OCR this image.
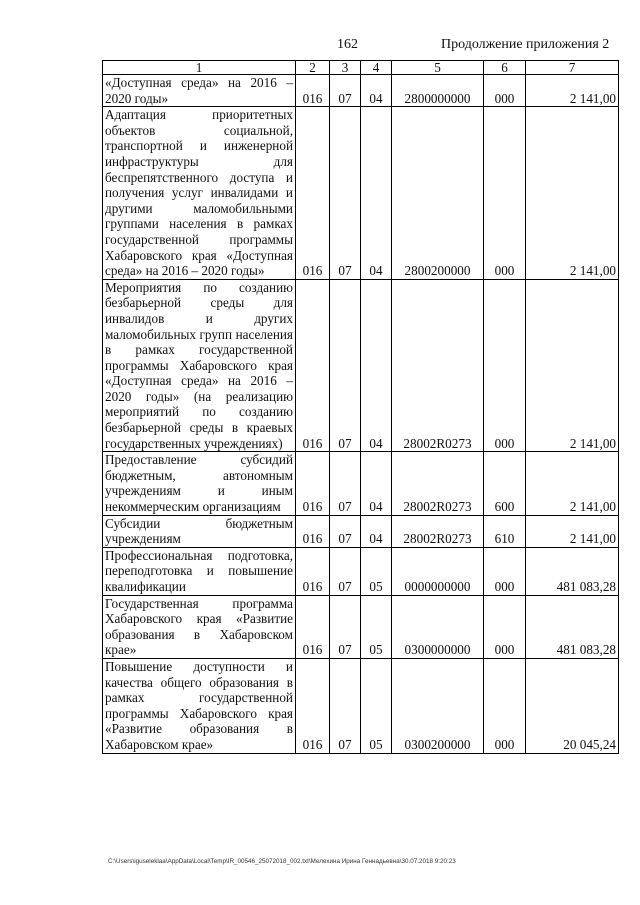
162	Продолжение приложения 2
1	2	3	4	5	6	7
«Доступная среда» на 2016 – 2020 годы»	016	07	04	2800000000	000	2 141,00
Адаптация приоритетных объектов социальной, транспортной и инженерной инфраструктуры для беспрепятственного доступа и получения услуг инвалидами и другими маломобильными группами населения в рамках государственной программы Хабаровского края «Доступная среда» на 2016 – 2020 годы»	016	07	04	2800200000	000	2 141,00
Мероприятия по созданию безбарьерной среды для инвалидов и других маломобильных групп населения в рамках государственной программы Хабаровского края «Доступная среда» на 2016 – 2020 годы» (на реализацию мероприятий по созданию безбарьерной среды в краевых государственных учреждениях)	016	07	04	28002R0273	000	2 141,00
Предоставление субсидий бюджетным, автономным учреждениям и иным некоммерческим организациям	016	07	04	28002R0273	600	2 141,00
Субсидии бюджетным учреждениям	016	07	04	28002R0273	610	2 141,00
Профессиональная подготовка, переподготовка и повышение квалификации	016	07	05	0000000000	000	481 083,28
Государственная программа Хабаровского края «Развитие образования в Хабаровском крае»	016	07	05	0300000000	000	481 083,28
Повышение доступности и качества общего образования в рамках государственной программы Хабаровского края «Развитие образования в Хабаровском крае»	016	07	05	0300200000	000	20 045,24
C:\Users\iguseleklaa\AppData\Local\Temp\IR_00546_25072018_002.txt\Мелехина Ирина Геннадьевна\30.07.2018 9:20:23
